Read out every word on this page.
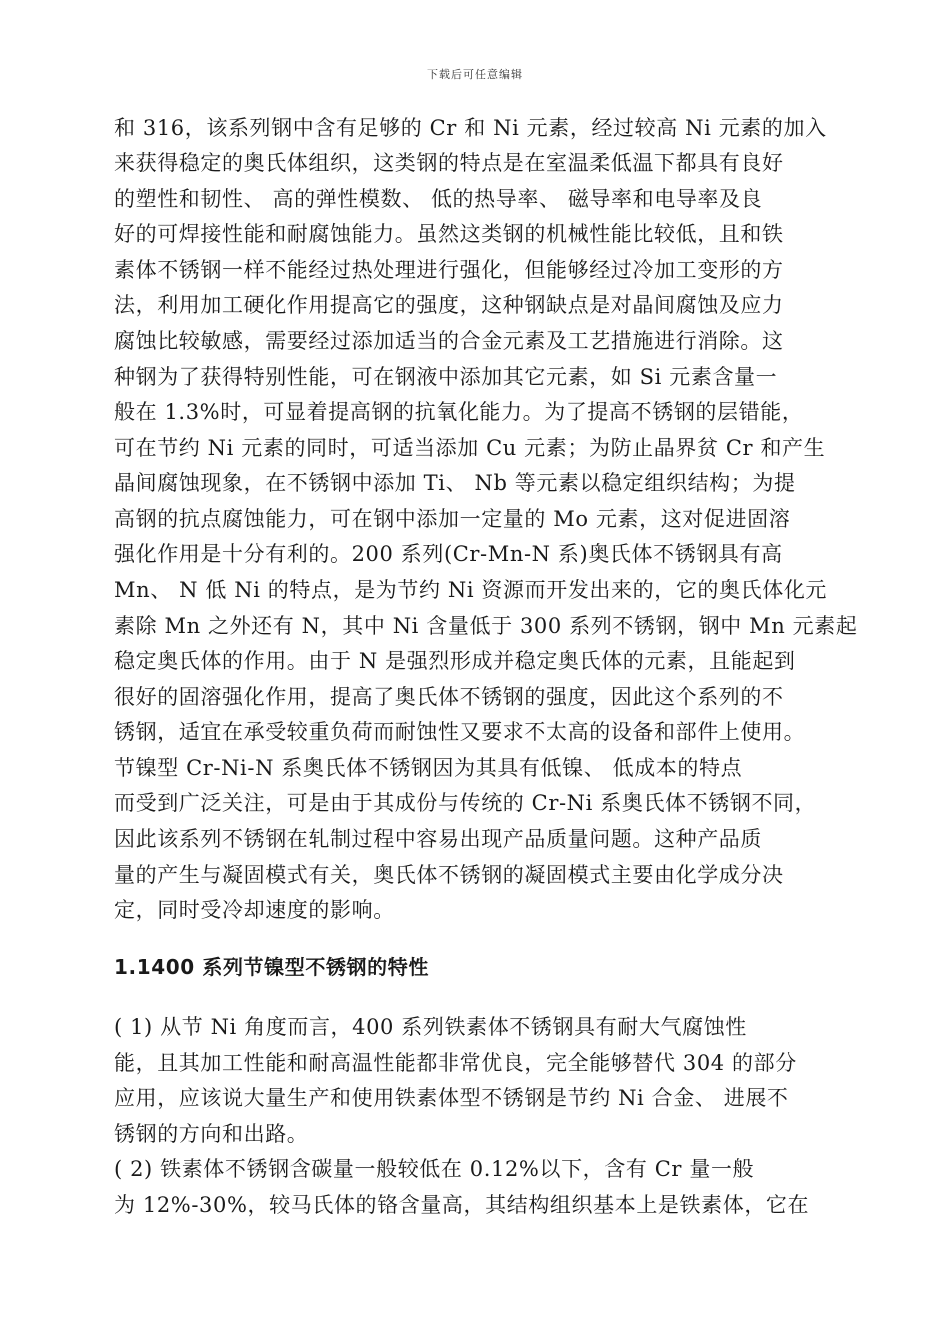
下载后可任意编辑
和 316，该系列钢中含有足够的 Cr 和 Ni 元素，经过较高 Ni 元素的加入
来获得稳定的奥氏体组织，这类钢的特点是在室温柔低温下都具有良好
的塑性和韧性、 高的弹性模数、 低的热导率、 磁导率和电导率及良
好的可焊接性能和耐腐蚀能力。虽然这类钢的机械性能比较低，且和铁
素体不锈钢一样不能经过热处理进行强化，但能够经过冷加工变形的方
法，利用加工硬化作用提高它的强度，这种钢缺点是对晶间腐蚀及应力
腐蚀比较敏感，需要经过添加适当的合金元素及工艺措施进行消除。这
种钢为了获得特别性能，可在钢液中添加其它元素，如 Si 元素含量一
般在 1.3%时，可显着提高钢的抗氧化能力。为了提高不锈钢的层错能，
可在节约 Ni 元素的同时，可适当添加 Cu 元素；为防止晶界贫 Cr 和产生
晶间腐蚀现象，在不锈钢中添加 Ti、 Nb 等元素以稳定组织结构；为提
高钢的抗点腐蚀能力，可在钢中添加一定量的 Mo 元素，这对促进固溶
强化作用是十分有利的。200 系列(Cr-Mn-N 系)奥氏体不锈钢具有高
Mn、 N 低 Ni 的特点，是为节约 Ni 资源而开发出来的，它的奥氏体化元
素除 Mn 之外还有 N，其中 Ni 含量低于 300 系列不锈钢，钢中 Mn 元素起
稳定奥氏体的作用。由于 N 是强烈形成并稳定奥氏体的元素，且能起到
很好的固溶强化作用，提高了奥氏体不锈钢的强度，因此这个系列的不
锈钢，适宜在承受较重负荷而耐蚀性又要求不太高的设备和部件上使用。
节镍型 Cr-Ni-N 系奥氏体不锈钢因为其具有低镍、 低成本的特点
而受到广泛关注，可是由于其成份与传统的 Cr-Ni 系奥氏体不锈钢不同，
因此该系列不锈钢在轧制过程中容易出现产品质量问题。这种产品质
量的产生与凝固模式有关，奥氏体不锈钢的凝固模式主要由化学成分决
定，同时受冷却速度的影响。
1.1400 系列节镍型不锈钢的特性
( 1) 从节 Ni 角度而言，400 系列铁素体不锈钢具有耐大气腐蚀性
能，且其加工性能和耐高温性能都非常优良，完全能够替代 304 的部分
应用，应该说大量生产和使用铁素体型不锈钢是节约 Ni 合金、 进展不
锈钢的方向和出路。
( 2) 铁素体不锈钢含碳量一般较低在 0.12%以下，含有 Cr 量一般
为 12%-30%，较马氏体的铬含量高，其结构组织基本上是铁素体，它在
